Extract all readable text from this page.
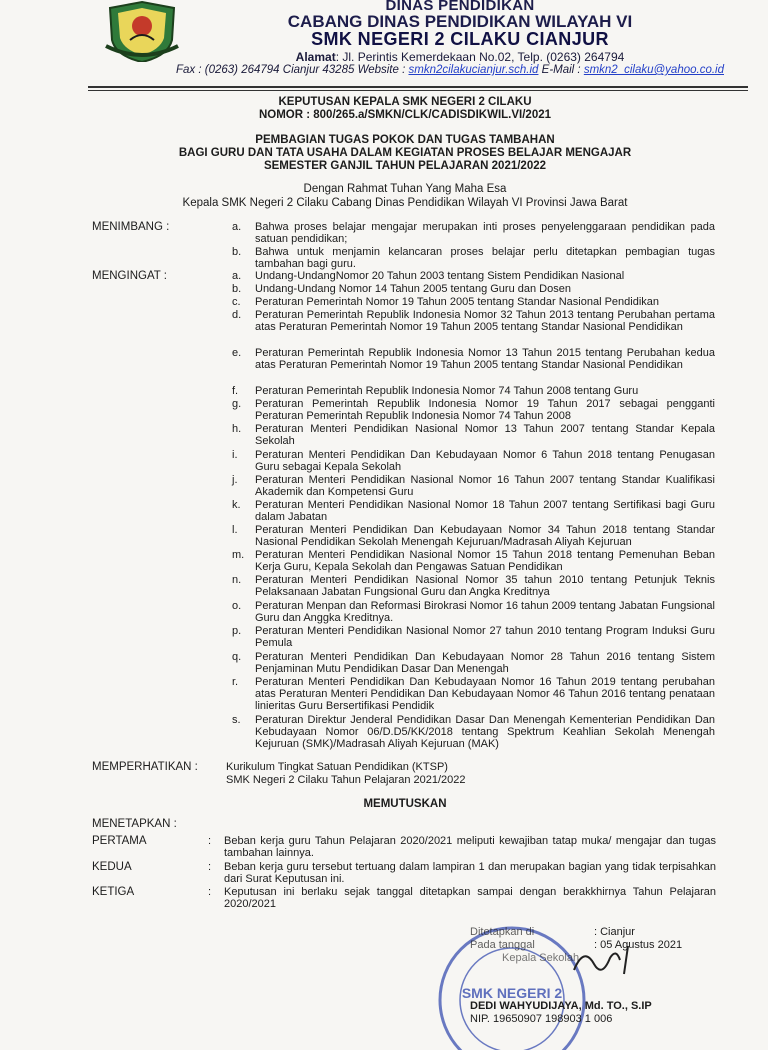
DINAS PENDIDIKAN
CABANG DINAS PENDIDIKAN WILAYAH VI
SMK NEGERI 2 CILAKU CIANJUR
Alamat: Jl. Perintis Kemerdekaan No.02, Telp. (0263) 264794
Fax : (0263) 264794 Cianjur 43285 Website : smkn2cilakucianjur.sch.id E-Mail : smkn2_cilaku@yahoo.co.id
KEPUTUSAN KEPALA SMK NEGERI 2 CILAKU
NOMOR : 800/265.a/SMKN/CLK/CADISDIKWIL.VI/2021
PEMBAGIAN TUGAS POKOK DAN TUGAS TAMBAHAN
BAGI GURU DAN TATA USAHA DALAM KEGIATAN PROSES BELAJAR MENGAJAR
SEMESTER GANJIL TAHUN PELAJARAN 2021/2022
Dengan Rahmat Tuhan Yang Maha Esa
Kepala SMK Negeri 2 Cilaku Cabang Dinas Pendidikan Wilayah VI Provinsi Jawa Barat
MENIMBANG :	a. Bahwa proses belajar mengajar merupakan inti proses penyelenggaraan pendidikan pada satuan pendidikan;
b. Bahwa untuk menjamin kelancaran proses belajar perlu ditetapkan pembagian tugas tambahan bagi guru.
MENGINGAT :	a. Undang-UndangNomor 20 Tahun 2003 tentang Sistem Pendidikan Nasional
b. Undang-Undang Nomor 14 Tahun 2005 tentang Guru dan Dosen
c. Peraturan Pemerintah Nomor 19 Tahun 2005 tentang Standar Nasional Pendidikan
d. Peraturan Pemerintah Republik Indonesia Nomor 32 Tahun 2013 tentang Perubahan pertama atas Peraturan Pemerintah Nomor 19 Tahun 2005 tentang Standar Nasional Pendidikan
e. Peraturan Pemerintah Republik Indonesia Nomor 13 Tahun 2015 tentang Perubahan kedua atas Peraturan Pemerintah Nomor 19 Tahun 2005 tentang Standar Nasional Pendidikan
f. Peraturan Pemerintah Republik Indonesia Nomor 74 Tahun 2008 tentang Guru
g. Peraturan Pemerintah Republik Indonesia Nomor 19 Tahun 2017 sebagai pengganti Peraturan Pemerintah Republik Indonesia Nomor 74 Tahun 2008
h. Peraturan Menteri Pendidikan Nasional Nomor 13 Tahun 2007 tentang Standar Kepala Sekolah
i. Peraturan Menteri Pendidikan Dan Kebudayaan Nomor 6 Tahun 2018 tentang Penugasan Guru sebagai Kepala Sekolah
j. Peraturan Menteri Pendidikan Nasional Nomor 16 Tahun 2007 tentang Standar Kualifikasi Akademik dan Kompetensi Guru
k. Peraturan Menteri Pendidikan Nasional Nomor 18 Tahun 2007 tentang Sertifikasi bagi Guru dalam Jabatan
l. Peraturan Menteri Pendidikan Dan Kebudayaan Nomor 34 Tahun 2018 tentang Standar Nasional Pendidikan Sekolah Menengah Kejuruan/Madrasah Aliyah Kejuruan
m. Peraturan Menteri Pendidikan Nasional Nomor 15 Tahun 2018 tentang Pemenuhan Beban Kerja Guru, Kepala Sekolah dan Pengawas Satuan Pendidikan
n. Peraturan Menteri Pendidikan Nasional Nomor 35 tahun 2010 tentang Petunjuk Teknis Pelaksanaan Jabatan Fungsional Guru dan Angka Kreditnya
o. Peraturan Menpan dan Reformasi Birokrasi Nomor 16 tahun 2009 tentang Jabatan Fungsional Guru dan Anggka Kreditnya.
p. Peraturan Menteri Pendidikan Nasional Nomor 27 tahun 2010 tentang Program Induksi Guru Pemula
q. Peraturan Menteri Pendidikan Dan Kebudayaan Nomor 28 Tahun 2016 tentang Sistem Penjaminan Mutu Pendidikan Dasar Dan Menengah
r. Peraturan Menteri Pendidikan Dan Kebudayaan Nomor 16 Tahun 2019 tentang perubahan atas Peraturan Menteri Pendidikan Dan Kebudayaan Nomor 46 Tahun 2016 tentang penataan linieritas Guru Bersertifikasi Pendidik
s. Peraturan Direktur Jenderal Pendidikan Dasar Dan Menengah Kementerian Pendidikan Dan Kebudayaan Nomor 06/D.D5/KK/2018 tentang Spektrum Keahlian Sekolah Menengah Kejuruan (SMK)/Madrasah Aliyah Kejuruan (MAK)
MEMPERHATIKAN :	Kurikulum Tingkat Satuan Pendidikan (KTSP)
SMK Negeri 2 Cilaku Tahun Pelajaran 2021/2022
MEMUTUSKAN
MENETAPKAN :
PERTAMA	: Beban kerja guru Tahun Pelajaran 2020/2021 meliputi kewajiban tatap muka/ mengajar dan tugas tambahan lainnya.
KEDUA	: Beban kerja guru tersebut tertuang dalam lampiran 1 dan merupakan bagian yang tidak terpisahkan dari Surat Keputusan ini.
KETIGA	: Keputusan ini berlaku sejak tanggal ditetapkan sampai dengan berakkhirnya Tahun Pelajaran 2020/2021
SMK NEGERI 2
Ditetapkan di	: Cianjur
Pada tanggal	: 05 Agustus 2021
Kepala Sekolah
DEDI WAHYUDIJAYA, Md. TO., S.IP
NIP. 19650907 198903 1 006
